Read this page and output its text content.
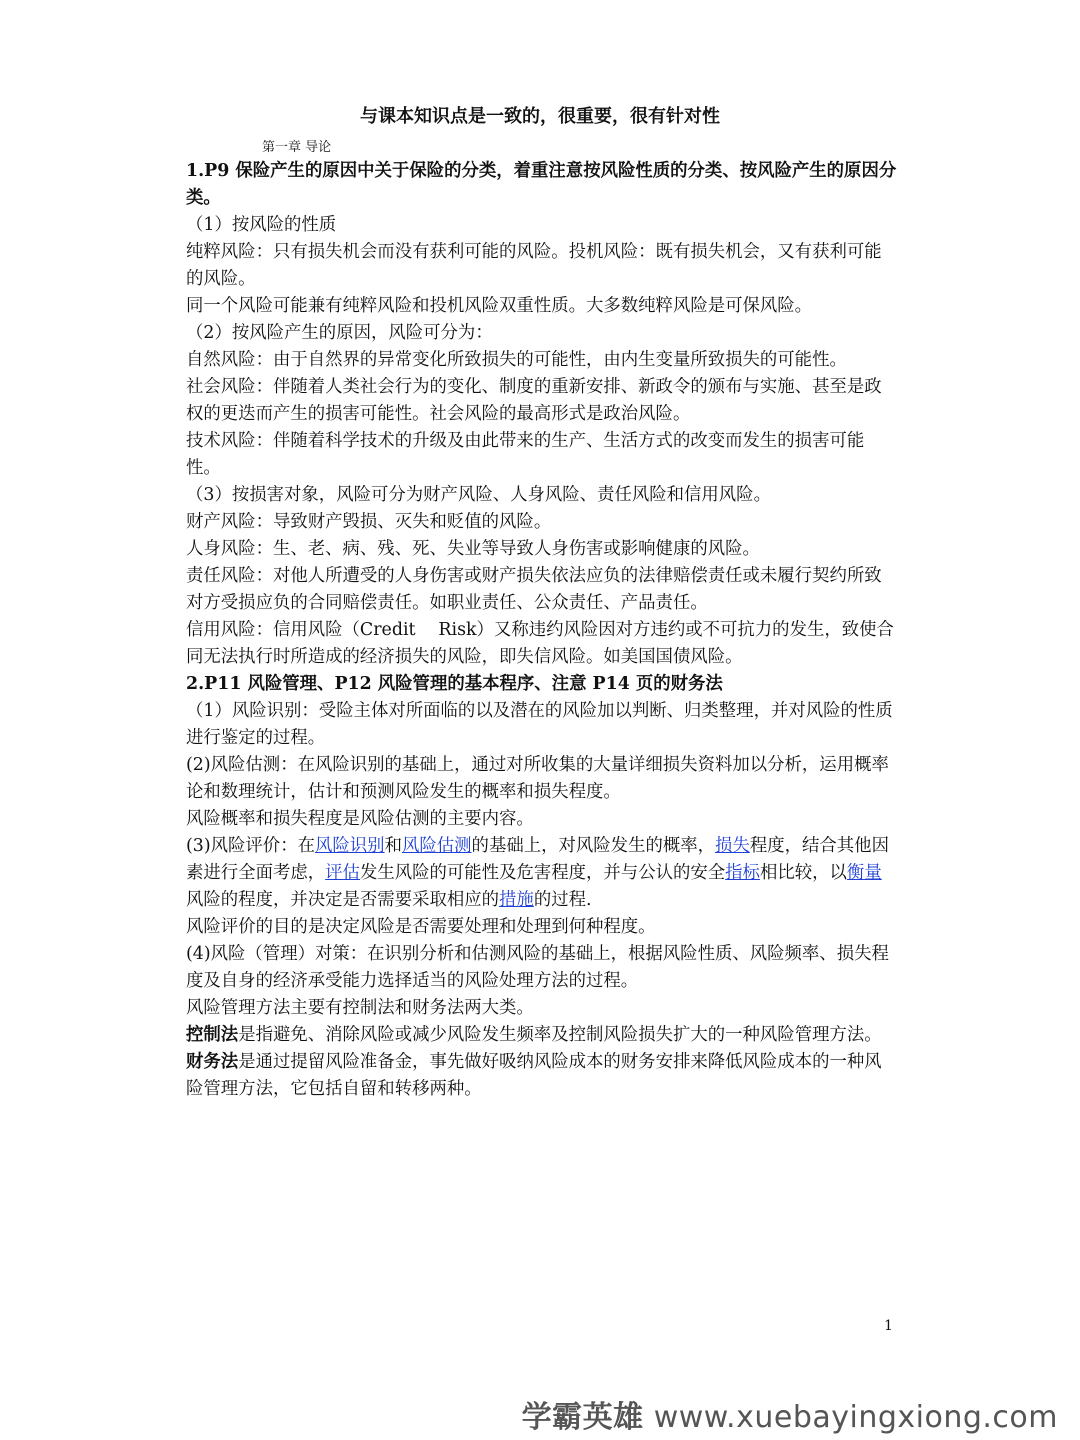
与课本知识点是一致的，很重要，很有针对性
第一章 导论

1.P9 保险产生的原因中关于保险的分类，着重注意按风险性质的分类、按风险产生的原因分类。

（1）按风险的性质

纯粹风险：只有损失机会而没有获利可能的风险。投机风险：既有损失机会，又有获利可能的风险。

同一个风险可能兼有纯粹风险和投机风险双重性质。大多数纯粹风险是可保风险。

（2）按风险产生的原因，风险可分为：

自然风险：由于自然界的异常变化所致损失的可能性，由内生变量所致损失的可能性。

社会风险：伴随着人类社会行为的变化、制度的重新安排、新政令的颁布与实施、甚至是政权的更迭而产生的损害可能性。社会风险的最高形式是政治风险。

技术风险：伴随着科学技术的升级及由此带来的生产、生活方式的改变而发生的损害可能性。

（3）按损害对象，风险可分为财产风险、人身风险、责任风险和信用风险。

财产风险：导致财产毁损、灭失和贬值的风险。

人身风险：生、老、病、残、死、失业等导致人身伤害或影响健康的风险。

责任风险：对他人所遭受的人身伤害或财产损失依法应负的法律赔偿责任或未履行契约所致对方受损应负的合同赔偿责任。如职业责任、公众责任、产品责任。

信用风险：信用风险（Credit　 Risk）又称违约风险因对方违约或不可抗力的发生，致使合同无法执行时所造成的经济损失的风险，即失信风险。如美国国债风险。

2.P11 风险管理、P12 风险管理的基本程序、注意 P14 页的财务法

（1）风险识别：受险主体对所面临的以及潜在的风险加以判断、归类整理，并对风险的性质进行鉴定的过程。

(2)风险估测：在风险识别的基础上，通过对所收集的大量详细损失资料加以分析，运用概率论和数理统计，估计和预测风险发生的概率和损失程度。

风险概率和损失程度是风险估测的主要内容。

(3)风险评价：在风险识别和风险估测的基础上，对风险发生的概率，损失程度，结合其他因素进行全面考虑，评估发生风险的可能性及危害程度，并与公认的安全指标相比较，以衡量风险的程度，并决定是否需要采取相应的措施的过程.

风险评价的目的是决定风险是否需要处理和处理到何种程度。

(4)风险（管理）对策：在识别分析和估测风险的基础上，根据风险性质、风险频率、损失程度及自身的经济承受能力选择适当的风险处理方法的过程。

风险管理方法主要有控制法和财务法两大类。

控制法是指避免、消除风险或减少风险发生频率及控制风险损失扩大的一种风险管理方法。

财务法是通过提留风险准备金，事先做好吸纳风险成本的财务安排来降低风险成本的一种风险管理方法，它包括自留和转移两种。

1
学霸英雄 www.xuebayingxiong.com
